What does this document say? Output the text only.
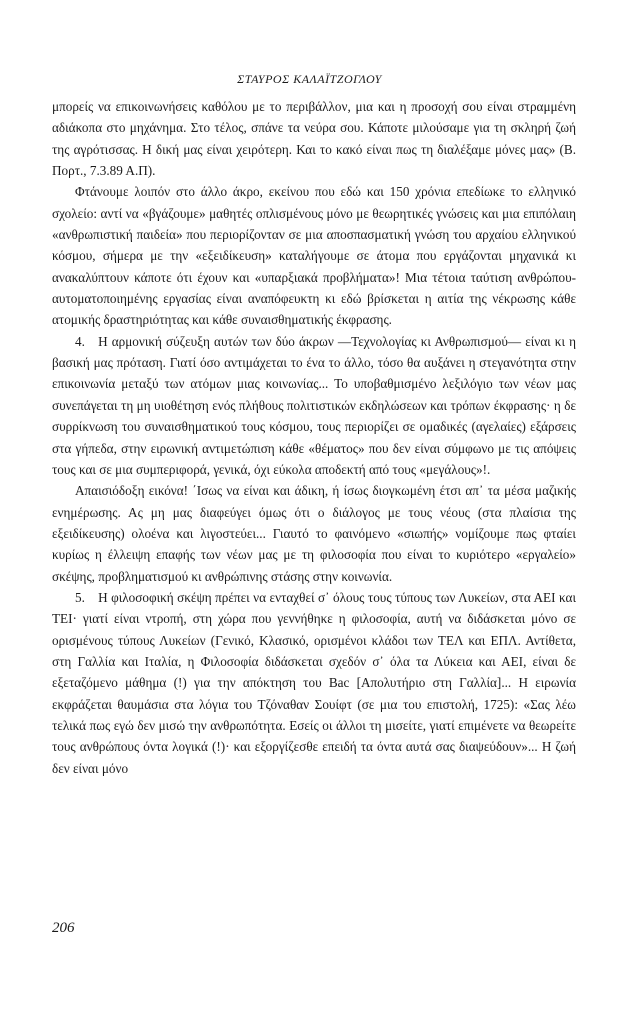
ΣΤΑΥΡΟΣ ΚΑΛΑΪΤΖΟΓΛΟΥ

μπορείς να επικοινωνήσεις καθόλου με το περιβάλλον, μια και η προσοχή σου είναι στραμμένη αδιάκοπα στο μηχάνημα. Στο τέλος, σπάνε τα νεύρα σου. Κάποτε μιλούσαμε για τη σκληρή ζωή της αγρότισσας. Η δική μας είναι χειρότερη. Και το κακό είναι πως τη διαλέξαμε μόνες μας» (Β. Πορτ., 7.3.89 Α.Π).

Φτάνουμε λοιπόν στο άλλο άκρο, εκείνου που εδώ και 150 χρόνια επεδίωκε το ελληνικό σχολείο: αντί να «βγάζουμε» μαθητές οπλισμένους μόνο με θεωρητικές γνώσεις και μια επιπόλαιη «ανθρωπιστική παιδεία» που περιορίζονταν σε μια αποσπασματική γνώση του αρχαίου ελληνικού κόσμου, σήμερα με την «εξειδίκευση» καταλήγουμε σε άτομα που εργάζονται μηχανικά κι ανακαλύπτουν κάποτε ότι έχουν και «υπαρξιακά προβλήματα»! Μια τέτοια ταύτιση ανθρώπου-αυτοματοποιημένης εργασίας είναι αναπόφευκτη κι εδώ βρίσκεται η αιτία της νέκρωσης κάθε ατομικής δραστηριότητας και κάθε συναισθηματικής έκφρασης.

4. Η αρμονική σύζευξη αυτών των δύο άκρων —Τεχνολογίας κι Ανθρωπισμού— είναι κι η βασική μας πρόταση. Γιατί όσο αντιμάχεται το ένα το άλλο, τόσο θα αυξάνει η στεγανότητα στην επικοινωνία μεταξύ των ατόμων μιας κοινωνίας... Το υποβαθμισμένο λεξιλόγιο των νέων μας συνεπάγεται τη μη υιοθέτηση ενός πλήθους πολιτιστικών εκδηλώσεων και τρόπων έκφρασης· η δε συρρίκνωση του συναισθηματικού τους κόσμου, τους περιορίζει σε ομαδικές (αγελαίες) εξάρσεις στα γήπεδα, στην ειρωνική αντιμετώπιση κάθε «θέματος» που δεν είναι σύμφωνο με τις απόψεις τους και σε μια συμπεριφορά, γενικά, όχι εύκολα αποδεκτή από τους «μεγάλους»!.

Απαισιόδοξη εικόνα! ΄Ισως να είναι και άδικη, ή ίσως διογκωμένη έτσι απ᾿ τα μέσα μαζικής ενημέρωσης. Ας μη μας διαφεύγει όμως ότι ο διάλογος με τους νέους (στα πλαίσια της εξειδίκευσης) ολοένα και λιγοστεύει... Γιαυτό το φαινόμενο «σιωπής» νομίζουμε πως φταίει κυρίως η έλλειψη επαφής των νέων μας με τη φιλοσοφία που είναι το κυριότερο «εργαλείο» σκέψης, προβληματισμού κι ανθρώπινης στάσης στην κοινωνία.

5. Η φιλοσοφική σκέψη πρέπει να ενταχθεί σ᾿ όλους τους τύπους των Λυκείων, στα ΑΕΙ και ΤΕΙ· γιατί είναι ντροπή, στη χώρα που γεννήθηκε η φιλοσοφία, αυτή να διδάσκεται μόνο σε ορισμένους τύπους Λυκείων (Γενικό, Κλασικό, ορισμένοι κλάδοι των ΤΕΛ και ΕΠΛ. Αντίθετα, στη Γαλλία και Ιταλία, η Φιλοσοφία διδάσκεται σχεδόν σ᾿ όλα τα Λύκεια και ΑΕΙ, είναι δε εξεταζόμενο μάθημα (!) για την απόκτηση του Bac [Απολυτήριο στη Γαλλία]... Η ειρωνία εκφράζεται θαυμάσια στα λόγια του Τζόναθαν Σουίφτ (σε μια του επιστολή, 1725): «Σας λέω τελικά πως εγώ δεν μισώ την ανθρωπότητα. Εσείς οι άλλοι τη μισείτε, γιατί επιμένετε να θεωρείτε τους ανθρώπους όντα λογικά (!)· και εξοργίζεσθε επειδή τα όντα αυτά σας διαψεύδουν»... Η ζωή δεν είναι μόνο

206
